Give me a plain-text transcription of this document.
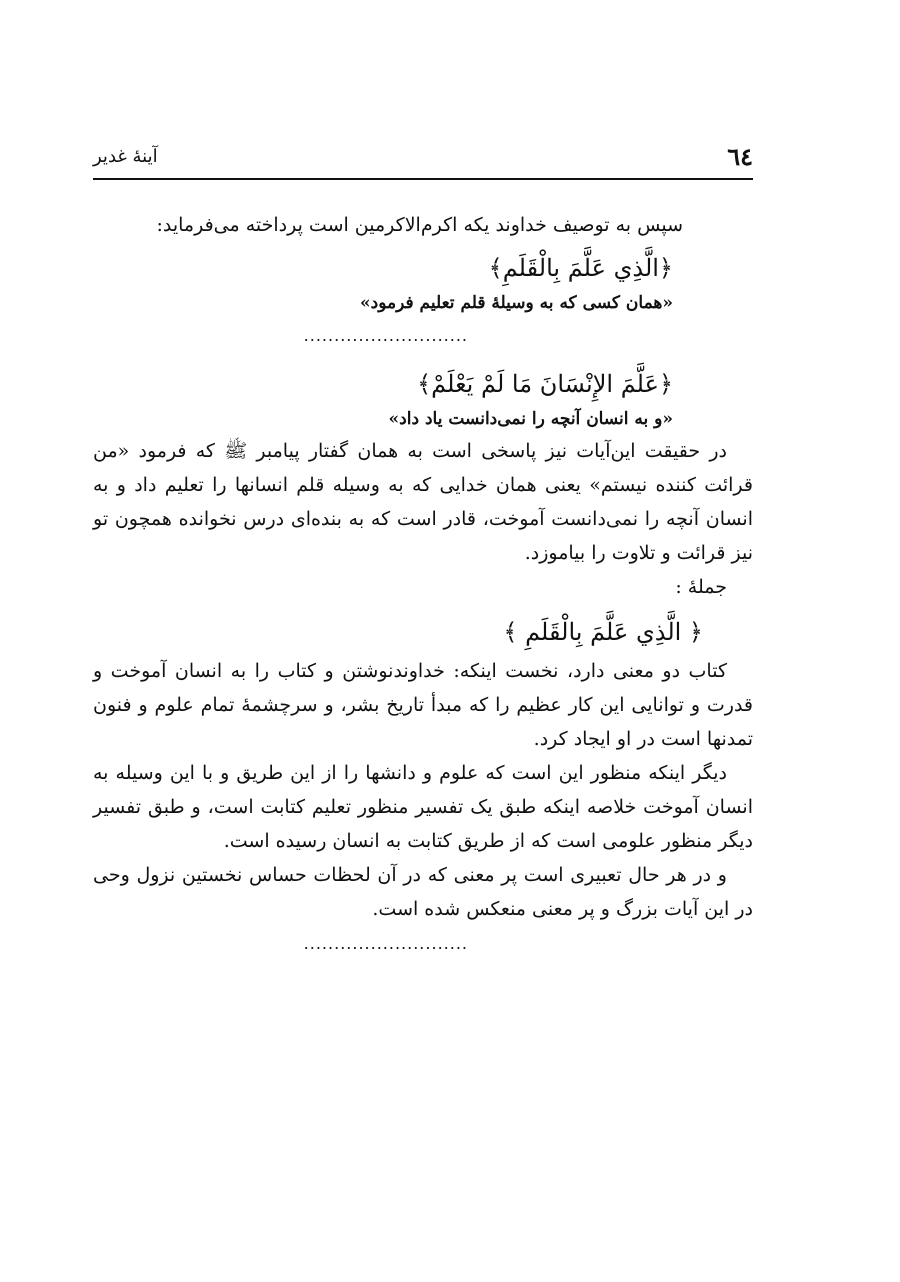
٦٤
آينهٔ غدیر

سپس به توصیف خداوند یکه اکرم‌الاکرمین است پرداخته می‌فرماید:

﴿الَّذِي عَلَّمَ بِالْقَلَمِ﴾
«همان کسی که به وسیلهٔ قلم تعلیم فرمود»
...........................
﴿عَلَّمَ الإِنْسَانَ مَا لَمْ يَعْلَمْ﴾
«و به انسان آنچه را نمی‌دانست یاد داد»

در حقیقت این‌آیات نیز پاسخی است به همان گفتار پیامبر ﷺ که فرمود «من قرائت کننده نیستم» یعنی همان خدایی که به وسیله قلم انسانها را تعلیم داد و به انسان آنچه را نمی‌دانست آموخت، قادر است که به بنده‌ای درس نخوانده همچون تو نیز قرائت و تلاوت را بیاموزد.

جملهٔ :

﴿ الَّذِي عَلَّمَ بِالْقَلَمِ ﴾

کتاب دو معنی دارد، نخست اینکه: خداوندنوشتن و کتاب را به انسان آموخت و قدرت و توانایی این کار عظیم را که مبدأ تاریخ بشر، و سرچشمهٔ تمام علوم و فنون تمدنها است در او ایجاد کرد.

دیگر اینکه منظور این است که علوم و دانشها را از این طریق و با این وسیله به انسان آموخت خلاصه اینکه طبق یک تفسیر منظور تعلیم کتابت است، و طبق تفسیر دیگر منظور علومی است که از طریق کتابت به انسان رسیده است.

و در هر حال تعبیری است پر معنی که در آن لحظات حساس نخستین نزول وحی در این آیات بزرگ و پر معنی منعکس شده است.

...........................
